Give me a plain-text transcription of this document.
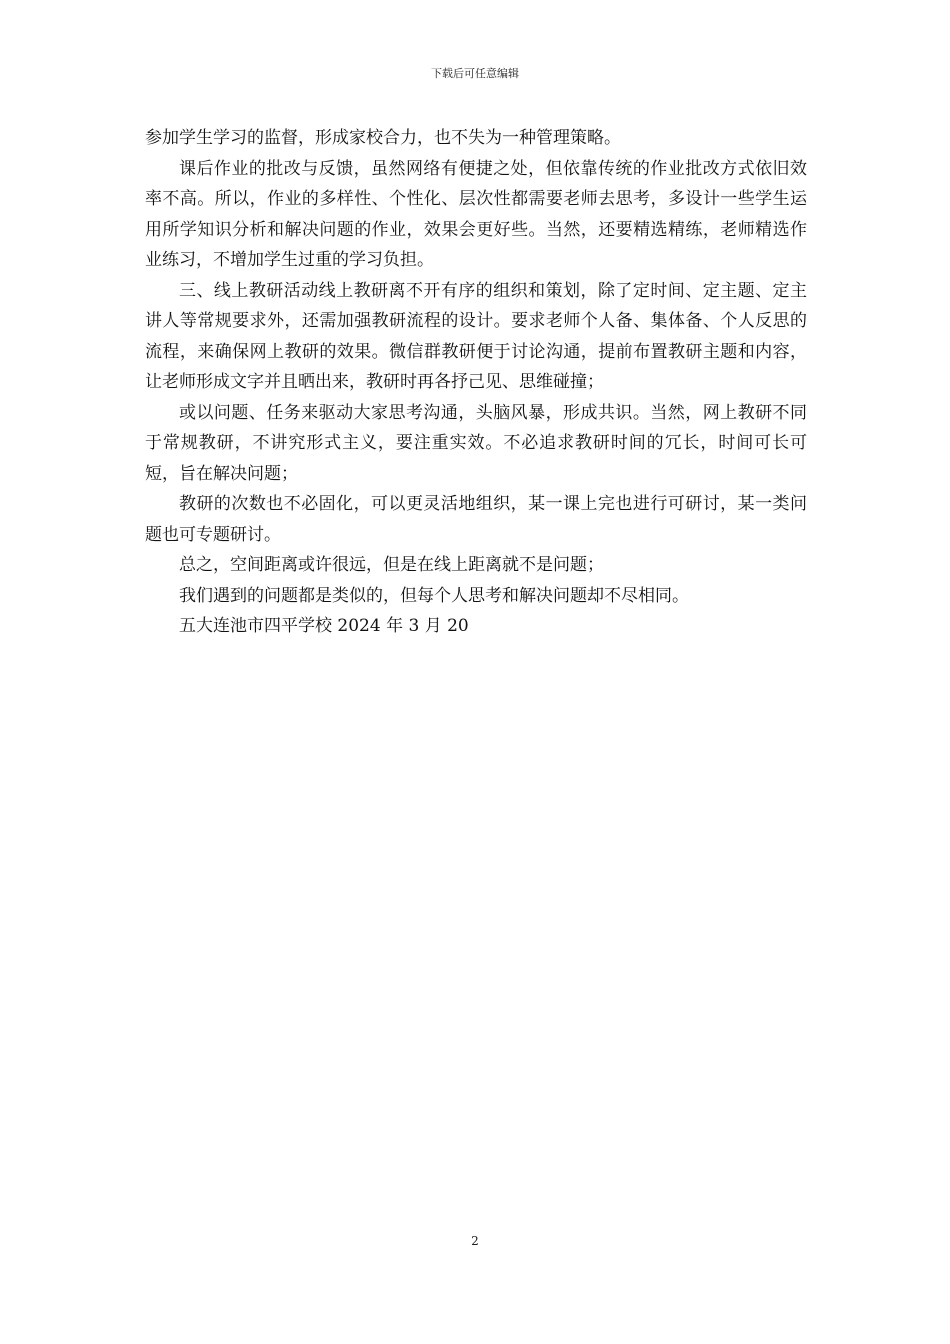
下载后可任意编辑

参加学生学习的监督，形成家校合力，也不失为一种管理策略。

课后作业的批改与反馈，虽然网络有便捷之处，但依靠传统的作业批改方式依旧效率不高。所以，作业的多样性、个性化、层次性都需要老师去思考，多设计一些学生运用所学知识分析和解决问题的作业，效果会更好些。当然，还要精选精练，老师精选作业练习，不增加学生过重的学习负担。

三、线上教研活动线上教研离不开有序的组织和策划，除了定时间、定主题、定主讲人等常规要求外，还需加强教研流程的设计。要求老师个人备、集体备、个人反思的流程，来确保网上教研的效果。微信群教研便于讨论沟通，提前布置教研主题和内容，让老师形成文字并且晒出来，教研时再各抒己见、思维碰撞；

或以问题、任务来驱动大家思考沟通，头脑风暴，形成共识。当然，网上教研不同于常规教研，不讲究形式主义，要注重实效。不必追求教研时间的冗长，时间可长可短，旨在解决问题；

教研的次数也不必固化，可以更灵活地组织，某一课上完也进行可研讨，某一类问题也可专题研讨。

总之，空间距离或许很远，但是在线上距离就不是问题；

我们遇到的问题都是类似的，但每个人思考和解决问题却不尽相同。

五大连池市四平学校 2024 年 3 月 20

2
